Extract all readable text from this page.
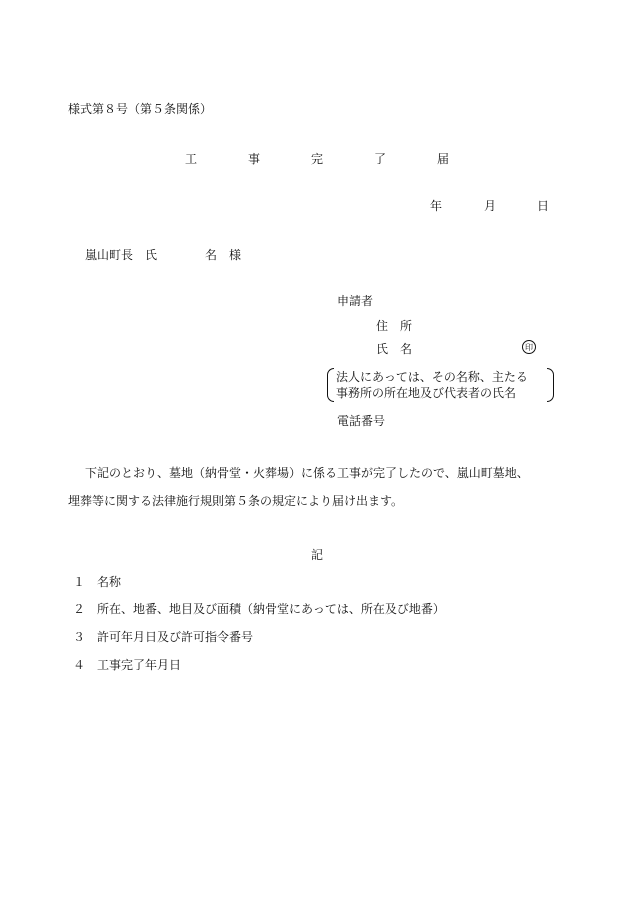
様式第８号（第５条関係）
工	事	完	了	届
年	月	日
嵐山町長　氏　　　　名　様
申請者
住　所
氏　名	印
法人にあっては、その名称、主たる
事務所の所在地及び代表者の氏名
電話番号
下記のとおり、墓地（納骨堂・火葬場）に係る工事が完了したので、嵐山町墓地、
埋葬等に関する法律施行規則第５条の規定により届け出ます。
記
１ 名称
２ 所在、地番、地目及び面積（納骨堂にあっては、所在及び地番）
３ 許可年月日及び許可指令番号
４ 工事完了年月日
